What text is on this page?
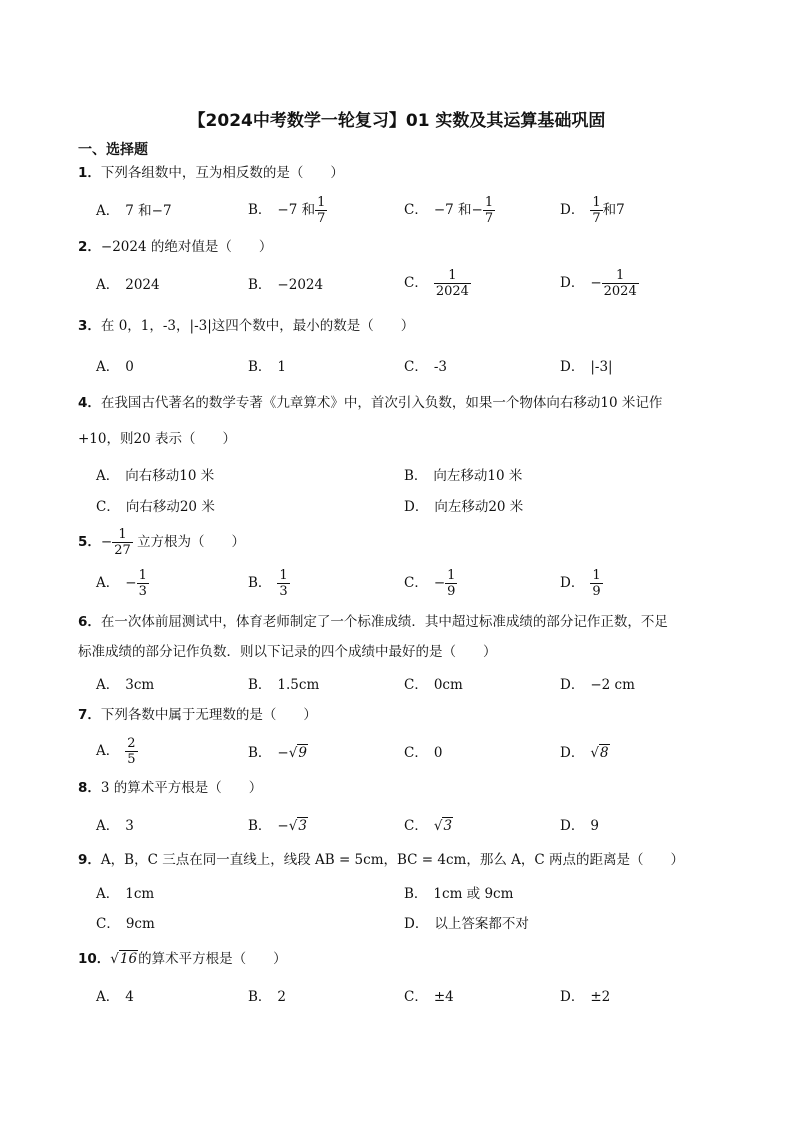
【2024中考数学一轮复习】01 实数及其运算基础巩固
一、选择题
1．下列各组数中，互为相反数的是（　　）
A． 7 和−7	B． −7 和 $\frac{1}{7}$	C． −7 和− $\frac{1}{7}$	D． $\frac{1}{7}$ 和7
2．−2024 的绝对值是（　　）
A． 2024	B． −2024	C． $\frac{1}{2024}$	D． − $\frac{1}{2024}$
3．在 0，1，-3，|-3|这四个数中，最小的数是（　　）
A． 0	B． 1	C． -3	D． |-3|
4．在我国古代著名的数学专著《九章算术》中，首次引入负数，如果一个物体向右移动10 米记作
+10，则20 表示（　　）
A． 向右移动10 米	B． 向左移动10 米
C． 向右移动20 米	D． 向左移动20 米
5．− $\frac{1}{27}$ 立方根为（　　）
A． − $\frac{1}{3}$	B． $\frac{1}{3}$	C． − $\frac{1}{9}$	D． $\frac{1}{9}$
6．在一次体前屈测试中，体育老师制定了一个标准成绩．其中超过标准成绩的部分记作正数，不足
标准成绩的部分记作负数．则以下记录的四个成绩中最好的是（　　）
A． 3cm	B． 1.5cm	C． 0cm	D． −2 cm
7．下列各数中属于无理数的是（　　）
A． $\frac{2}{5}$	B． −√9	C． 0	D． √8
8．3 的算术平方根是（　　）
A． 3	B． −√3	C． √3	D． 9
9．A，B，C 三点在同一直线上，线段 AB = 5cm，BC = 4cm，那么 A，C 两点的距离是（　　）
A． 1cm	B． 1cm 或 9cm
C． 9cm	D． 以上答案都不对
10．√16的算术平方根是（　　）
A． 4	B． 2	C． ±4	D． ±2
